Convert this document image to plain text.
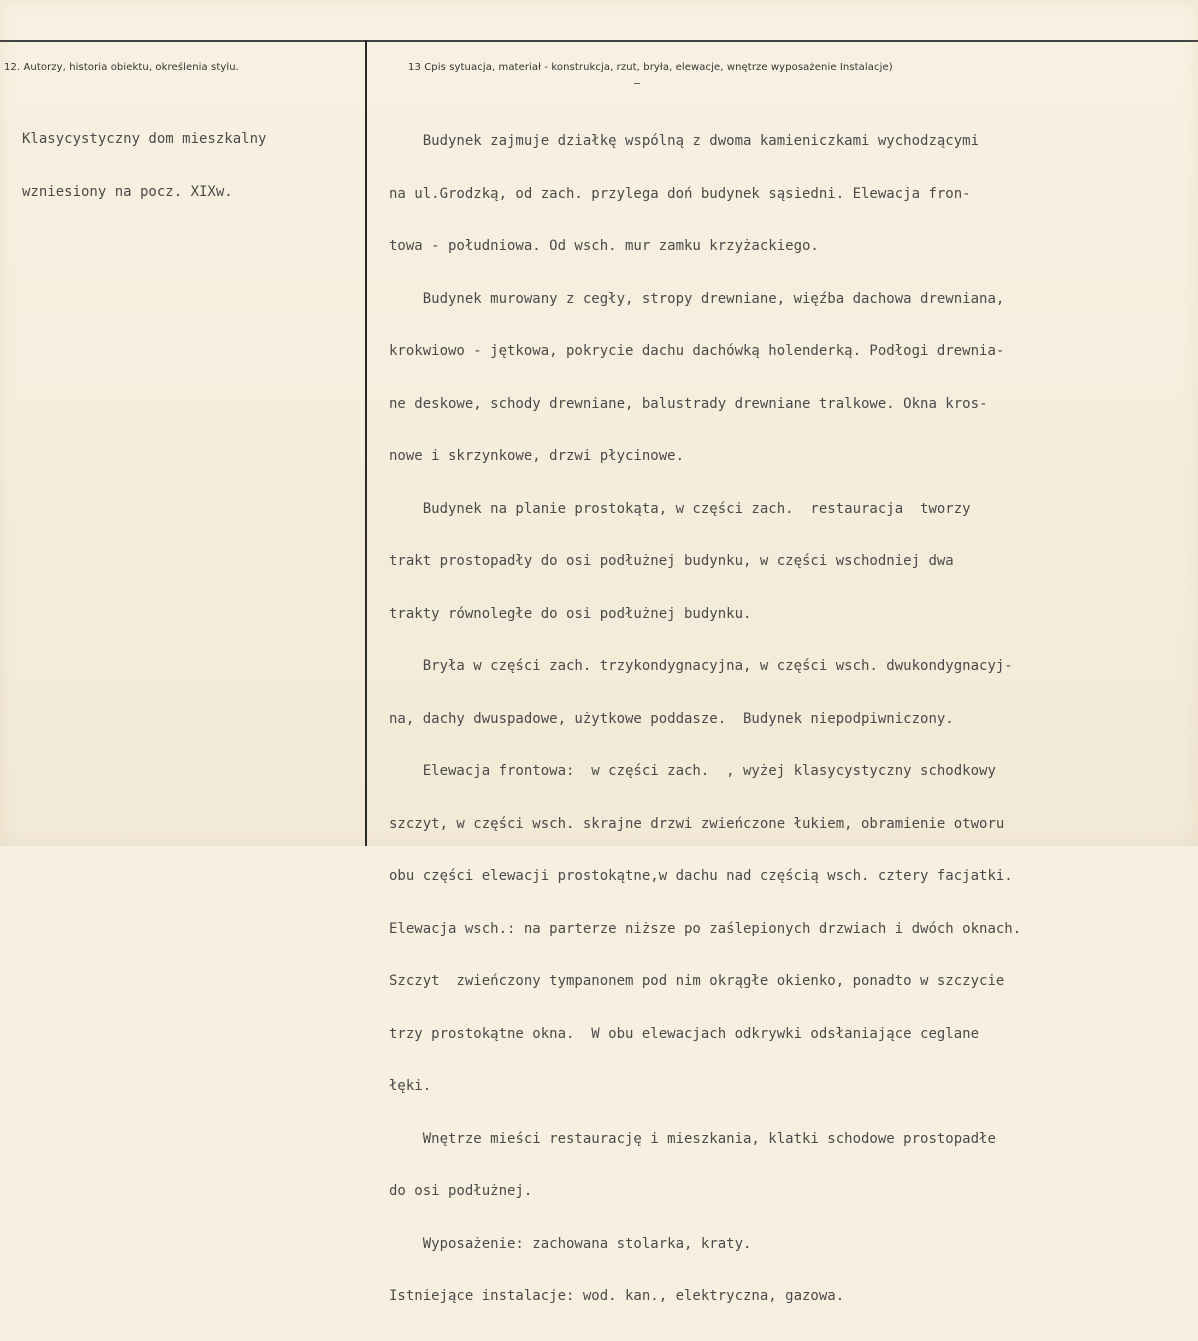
12. Autorzy, historia obiektu, określenia stylu.	13 Cpis sytuacja, materiał - konstrukcja, rzut, bryła, elewacje, wnętrze wyposażenie Instalacje)

Klasycystyczny dom mieszkalny

wzniesiony na pocz. XIXw.

Budynek zajmuje działkę wspólną z dwoma kamieniczkami wychodzącymi

na ul.Grodzką, od zach. przylega doń budynek sąsiedni. Elewacja fron-

towa - południowa. Od wsch. mur zamku krzyżackiego.

Budynek murowany z cegły, stropy drewniane, więźba dachowa drewniana,

krokwiowo - jętkowa, pokrycie dachu dachówką holenderką. Podłogi drewnia-

ne deskowe, schody drewniane, balustrady drewniane tralkowe. Okna kros-

nowe i skrzynkowe, drzwi płycinowe.

Budynek na planie prostokąta, w części zach.  restauracja  tworzy

trakt prostopadły do osi podłużnej budynku, w części wschodniej dwa

trakty równoległe do osi podłużnej budynku.

Bryła w części zach. trzykondygnacyjna, w części wsch. dwukondygnacyj-

na, dachy dwuspadowe, użytkowe poddasze.  Budynek niepodpiwniczony.

Elewacja frontowa:  w części zach.  , wyżej klasycystyczny schodkowy

szczyt, w części wsch. skrajne drzwi zwieńczone łukiem, obramienie otworu

obu części elewacji prostokątne,w dachu nad częścią wsch. cztery facjatki.

Elewacja wsch.: na parterze niższe po zaślepionych drzwiach i dwóch oknach.

Szczyt  zwieńczony tympanonem pod nim okrągłe okienko, ponadto w szczycie

trzy prostokątne okna.  W obu elewacjach odkrywki odsłaniające ceglane

łęki.

Wnętrze mieści restaurację i mieszkania, klatki schodowe prostopadłe

do osi podłużnej.

Wyposażenie: zachowana stolarka, kraty.

Istniejące instalacje: wod. kan., elektryczna, gazowa.
